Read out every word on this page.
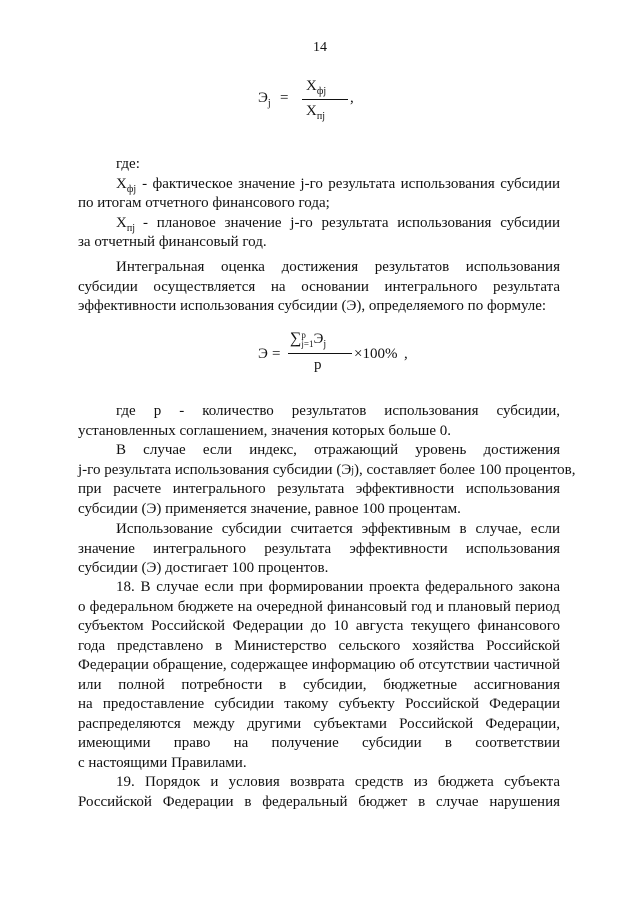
14
$Э_j$ =
$X_{фj}$
$X_{пj}$
,
где:
$X_{фj}$ - фактическое значение j-го результата использования субсидии
по итогам отчетного финансового года;
$X_{пj}$ - плановое значение j-го результата использования субсидии
за отчетный финансовый год.
Интегральная оценка достижения результатов использования
субсидии осуществляется на основании интегрального результата
эффективности использования субсидии (Э), определяемого по формуле:
Э =
∑ p
j=1 $Э_j$
p
×100% ,
где p - количество результатов использования субсидии,
установленных соглашением, значения которых больше 0.
В случае если индекс, отражающий уровень достижения
j-го результата использования субсидии (Э j ), составляет более 100 процентов,
при расчете интегрального результата эффективности использования
субсидии (Э) применяется значение, равное 100 процентам.
Использование субсидии считается эффективным в случае, если
значение интегрального результата эффективности использования
субсидии (Э) достигает 100 процентов.
18. В случае если при формировании проекта федерального закона
о федеральном бюджете на очередной финансовый год и плановый период
субъектом Российской Федерации до 10 августа текущего финансового
года представлено в Министерство сельского хозяйства Российской
Федерации обращение, содержащее информацию об отсутствии частичной
или полной потребности в субсидии, бюджетные ассигнования
на предоставление субсидии такому субъекту Российской Федерации
распределяются между другими субъектами Российской Федерации,
имеющими право на получение субсидии в соответствии
с настоящими Правилами.
19. Порядок и условия возврата средств из бюджета субъекта
Российской Федерации в федеральный бюджет в случае нарушения
